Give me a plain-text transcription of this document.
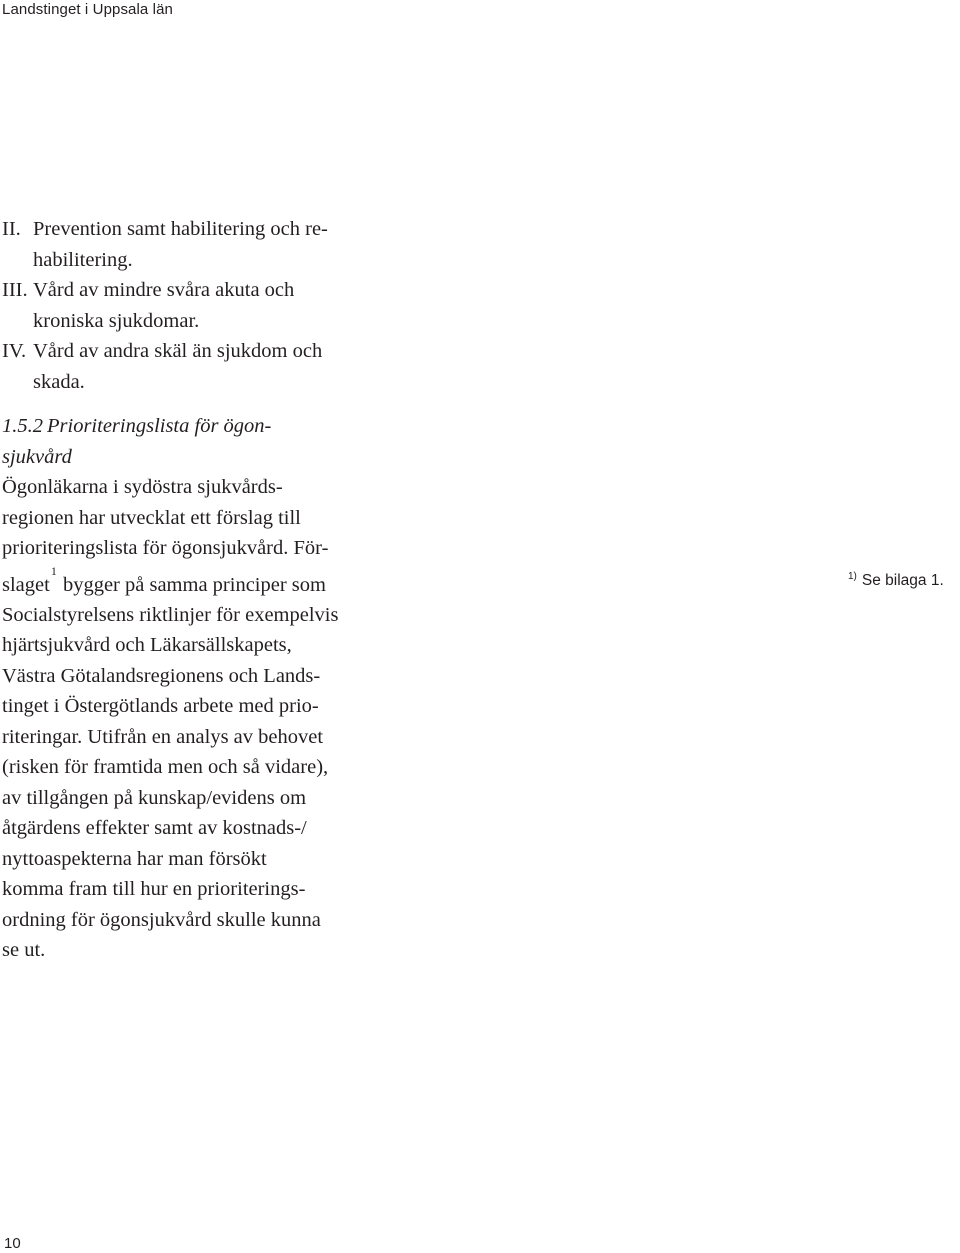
Landstinget i Uppsala län
II. Prevention samt habilitering och re-
habilitering.
III. Vård av mindre svåra akuta och
kroniska sjukdomar.
IV. Vård av andra skäl än sjukdom och
skada.
1.5.2 Prioriteringslista för ögon-
sjukvård

Ögonläkarna i sydöstra sjukvårds-
regionen har utvecklat ett förslag till
prioriteringslista för ögonsjukvård. För-
slaget$^1$ bygger på samma principer som
Socialstyrelsens riktlinjer för exempelvis
hjärtsjukvård och Läkarsällskapets,
Västra Götalandsregionens och Lands-
tinget i Östergötlands arbete med prio-
riteringar. Utifrån en analys av behovet
(risken för framtida men och så vidare),
av tillgången på kunskap/evidens om
åtgärdens effekter samt av kostnads-/
nyttoaspekterna har man försökt
komma fram till hur en prioriterings-
ordning för ögonsjukvård skulle kunna
se ut.

$^{1)}$ Se bilaga 1.
10
